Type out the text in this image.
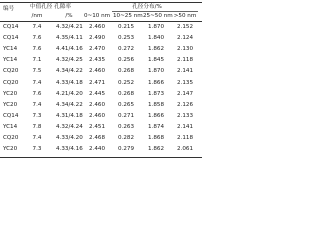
编号	中值孔径 孔隙率	孔径分布/%
/nm	/%	0~10 nm 10~25 nm 25~50 nm >50 nm
CQ14	7.4	4.32/4.21	2.460	0.215	1.870	2.152
CQ14	7.6	4.35/4.11	2.490	0.253	1.840	2.124
YC14	7.6	4.41/4.16	2.470	0.272	1.862	2.130
YC14	7.1	4.32/4.25	2.435	0.256	1.845	2.118
CQ20	7.5	4.34/4.22	2.460	0.268	1.870	2.141
CQ20	7.4	4.33/4.18	2.471	0.252	1.866	2.135
YC20	7.6	4.21/4.20	2.445	0.268	1.873	2.147
YC20	7.4	4.34/4.22	2.460	0.265	1.858	2.126
CQ14	7.3	4.31/4.18	2.460	0.271	1.866	2.133
YC14	7.8	4.32/4.24	2.451	0.263	1.874	2.141
CQ20	7.4	4.33/4.20	2.468	0.282	1.868	2.118
YC20	7.3	4.33/4.16	2.440	0.279	1.862	2.061
